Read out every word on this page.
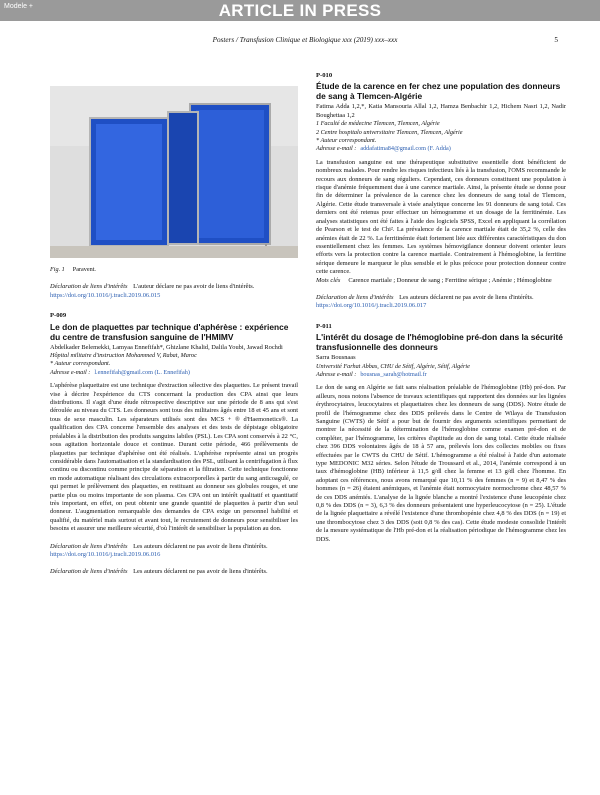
ARTICLE IN PRESS
Modele +
Posters / Transfusion Clinique et Biologique xxx (2019) xxx–xxx	5
Fig. 1 Paravent.
Déclaration de liens d'intérêts L'auteur déclare ne pas avoir de liens d'intérêts.
https://doi.org/10.1016/j.tracli.2019.06.015
P-009
Le don de plaquettes par technique d'aphérèse : expérience du centre de transfusion sanguine de l'HMIMV
Abdelkader Belemekki, Lamyaa Ennefifah*, Ghizlane Khalid, Dalila Youbi, Jawad Rochdi
Hôpital militaire d'instruction Mohammed V, Rabat, Maroc
* Auteur correspondant.
Adresse e-mail : l.ennefifah@gmail.com (L. Ennefifah)

L'aphérèse plaquettaire est une technique d'extraction sélective des plaquettes. Le présent travail vise à décrire l'expérience du CTS concernant la production des CPA ainsi que leurs distributions. Il s'agit d'une étude rétrospective descriptive sur une période de 8 ans qui s'est déroulée au niveau du CTS. Les donneurs sont tous des militaires âgés entre 18 et 45 ans et sont tous de sexe masculin. Les séparateurs utilisés sont des MCS + ® d'Haemonetics®. La qualification des CPA concerne l'ensemble des analyses et des tests de dépistage obligatoire préalables à la distribution des produits sanguins labiles (PSL). Les CPA sont conservés à 22 °C, sous agitation horizontale douce et continue. Durant cette période, 466 prélèvements de plaquettes par technique d'aphérèse ont été réalisés. L'aphérèse représente ainsi un progrès considérable dans l'automatisation et la standardisation des PSL, utilisant la centrifugation à flux continu ou discontinu comme principe de séparation et la filtration. Cette technique fonctionne en mode automatique réalisant des circulations extracorporelles à partir du sang anticoagulé, ce qui permet le prélèvement des plaquettes, en restituant au donneur ses globules rouges, et une partie plus ou moins importante de son plasma. Ces CPA ont un intérêt qualitatif et quantitatif très important, en effet, on peut obtenir une grande quantité de plaquettes à partir d'un seul donneur. L'augmentation remarquable des demandes de CPA exige un personnel habilité et qualifié, du matériel mais surtout et avant tout, le recrutement de donneurs pour sensibiliser les besoins et assurer une meilleure sécurité, d'où l'intérêt de sensibiliser la population au don.

Déclaration de liens d'intérêts Les auteurs déclarent ne pas avoir de liens d'intérêts.
https://doi.org/10.1016/j.tracli.2019.06.016
Déclaration de liens d'intérêts Les auteurs déclarent ne pas avoir de liens d'intérêts.
P-010
Étude de la carence en fer chez une population des donneurs de sang à Tlemcen-Algérie
Fatima Adda 1,2,*, Katia Mansouria Allal 1,2, Hamza Benbachir 1,2, Hichem Nasri 1,2, Nadir Boughettaa 1,2
1 Faculté de médecine Tlemcen, Tlemcen, Algérie
2 Centre hospitalo universitaire Tlemcen, Tlemcen, Algérie
* Auteur correspondant.
Adresse e-mail : addafatima84@gmail.com (F. Adda)

La transfusion sanguine est une thérapeutique substitutive essentielle dont bénéficient de nombreux malades. Pour rendre les risques infectieux liés à la transfusion, l'OMS recommande le recours aux donneurs de sang réguliers. Cependant, ces donneurs constituent une population à risque d'anémie fréquemment due à une carence martiale. Ainsi, la présente étude se donne pour fin de déterminer la prévalence de la carence chez les donneurs de sang total de Tlemcen, Algérie. Cette étude transversale à visée analytique concerne les 91 donneurs de sang total. Ces derniers ont été retenus pour effectuer un hémogramme et un dosage de la ferritinémie. Les analyses statistiques ont été faites à l'aide des logiciels SPSS, Excel en appliquant la corrélation de Pearson et le test de Chi². La prévalence de la carence martiale était de 35,2 %, celle des anémies était de 22 %. La ferritinémie était fortement liée aux différentes caractéristiques du don essentiellement chez les femmes. Les systèmes hémovigilance donneur doivent orienter leurs efforts vers la protection contre la carence martiale. Contrairement à l'hémoglobine, la ferritine sérique demeure le marqueur le plus sensible et le plus précoce pour protection donneur contre cette carence.

Mots clés Carence martiale ; Donneur de sang ; Ferritine sérique ; Anémie ; Hémoglobine
Déclaration de liens d'intérêts Les auteurs déclarent ne pas avoir de liens d'intérêts.
https://doi.org/10.1016/j.tracli.2019.06.017
P-011
L'intérêt du dosage de l'hémoglobine pré-don dans la sécurité transfusionnelle des donneurs
Sarra Bousnaas
Université Farhat Abbas, CHU de Sétif, Algérie, Sétif, Algérie
Adresse e-mail : bousnas_sarah@hotmail.fr

Le don de sang en Algérie se fait sans réalisation préalable de l'hémoglobine (Hb) pré-don. Par ailleurs, nous notons l'absence de travaux scientifiques qui rapportent des données sur les lignées érythrocytaires, leucocytaires et plaquettaires chez les donneurs de sang (DDS). Notre étude de profil de l'hémogramme chez des DDS prélevés dans le Centre de Wilaya de Transfusion Sanguine (CWTS) de Sétif a pour but de fournir des arguments scientifiques permettant de montrer la nécessité de la détermination de l'hémoglobine comme examen pré-don et de compléter, par l'hémogramme, les critères d'aptitude au don de sang total. Cette étude réalisée chez 396 DDS volontaires âgés de 18 à 57 ans, prélevés lors des collectes mobiles ou fixes effectuées par le CWTS du CHU de Sétif. L'hémogramme a été réalisé à l'aide d'un automate type MEDONIC M32 séries. Selon l'étude de Troussard et al., 2014, l'anémie correspond à un taux d'hémoglobine (HB) inférieur à 11,5 g/dl chez la femme et 13 g/dl chez l'homme. En adoptant ces références, nous avons remarqué que 10,11 % des femmes (n = 9) et 8,47 % des hommes (n = 26) étaient anémiques, et l'anémie était normocytaire normochrome chez 48,57 % de ces DDS anémiés. L'analyse de la lignée blanche a montré l'existence d'une leucopénie chez 0,8 % des DDS (n = 3), 6,3 % des donneurs présentaient une hyperleucocytose (n = 25). L'étude de la lignée plaquettaire a révélé l'existence d'une thrombopénie chez 4,8 % des DDS (n = 19) et une thrombocytose chez 3 des DDS (soit 0,8 % des cas). Cette étude modeste consolide l'intérêt de la mesure systématique de l'Hb pré-don et la réalisation périodique de l'hémogramme chez les DDS.
